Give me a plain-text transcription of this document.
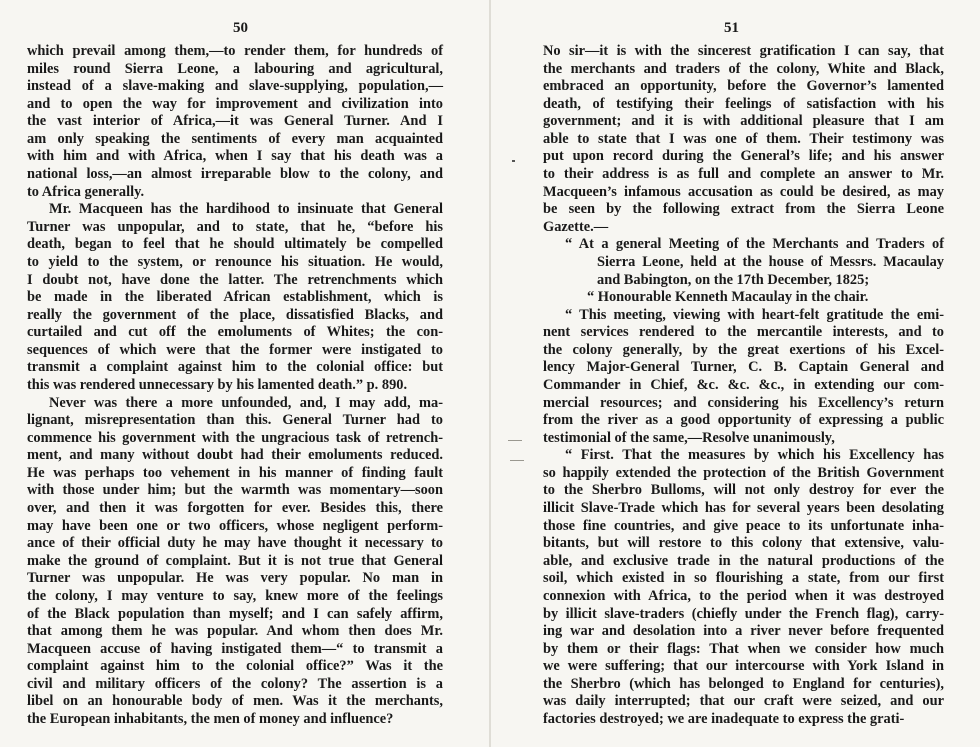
50
which prevail among them,—to render them, for hundreds of
miles round Sierra Leone, a labouring and agricultural,
instead of a slave-making and slave-supplying, population,—
and to open the way for improvement and civilization into
the vast interior of Africa,—it was General Turner. And I
am only speaking the sentiments of every man acquainted
with him and with Africa, when I say that his death was a
national loss,—an almost irreparable blow to the colony, and
to Africa generally.
Mr. Macqueen has the hardihood to insinuate that General
Turner was unpopular, and to state, that he, “before his
death, began to feel that he should ultimately be compelled
to yield to the system, or renounce his situation. He would,
I doubt not, have done the latter. The retrenchments which
be made in the liberated African establishment, which is
really the government of the place, dissatisfied Blacks, and
curtailed and cut off the emoluments of Whites; the con-
sequences of which were that the former were instigated to
transmit a complaint against him to the colonial office: but
this was rendered unnecessary by his lamented death.” p. 890.
Never was there a more unfounded, and, I may add, ma-
lignant, misrepresentation than this. General Turner had to
commence his government with the ungracious task of retrench-
ment, and many without doubt had their emoluments reduced.
He was perhaps too vehement in his manner of finding fault
with those under him; but the warmth was momentary—soon
over, and then it was forgotten for ever. Besides this, there
may have been one or two officers, whose negligent perform-
ance of their official duty he may have thought it necessary to
make the ground of complaint. But it is not true that General
Turner was unpopular. He was very popular. No man in
the colony, I may venture to say, knew more of the feelings
of the Black population than myself; and I can safely affirm,
that among them he was popular. And whom then does Mr.
Macqueen accuse of having instigated them—“ to transmit a
complaint against him to the colonial office?” Was it the
civil and military officers of the colony? The assertion is a
libel on an honourable body of men. Was it the merchants,
the European inhabitants, the men of money and influence?
51
No sir—it is with the sincerest gratification I can say, that
the merchants and traders of the colony, White and Black,
embraced an opportunity, before the Governor’s lamented
death, of testifying their feelings of satisfaction with his
government; and it is with additional pleasure that I am
able to state that I was one of them. Their testimony was
put upon record during the General’s life; and his answer
to their address is as full and complete an answer to Mr.
Macqueen’s infamous accusation as could be desired, as may
be seen by the following extract from the Sierra Leone
Gazette.—
“ At a general Meeting of the Merchants and Traders of
Sierra Leone, held at the house of Messrs. Macaulay
and Babington, on the 17th December, 1825;
“ Honourable Kenneth Macaulay in the chair.
“ This meeting, viewing with heart-felt gratitude the emi-
nent services rendered to the mercantile interests, and to
the colony generally, by the great exertions of his Excel-
lency Major-General Turner, C. B. Captain General and
Commander in Chief, &c. &c. &c., in extending our com-
mercial resources; and considering his Excellency’s return
from the river as a good opportunity of expressing a public
testimonial of the same,—Resolve unanimously,
“ First. That the measures by which his Excellency has
so happily extended the protection of the British Government
to the Sherbro Bulloms, will not only destroy for ever the
illicit Slave-Trade which has for several years been desolating
those fine countries, and give peace to its unfortunate inha-
bitants, but will restore to this colony that extensive, valu-
able, and exclusive trade in the natural productions of the
soil, which existed in so flourishing a state, from our first
connexion with Africa, to the period when it was destroyed
by illicit slave-traders (chiefly under the French flag), carry-
ing war and desolation into a river never before frequented
by them or their flags: That when we consider how much
we were suffering; that our intercourse with York Island in
the Sherbro (which has belonged to England for centuries),
was daily interrupted; that our craft were seized, and our
factories destroyed; we are inadequate to express the grati-
